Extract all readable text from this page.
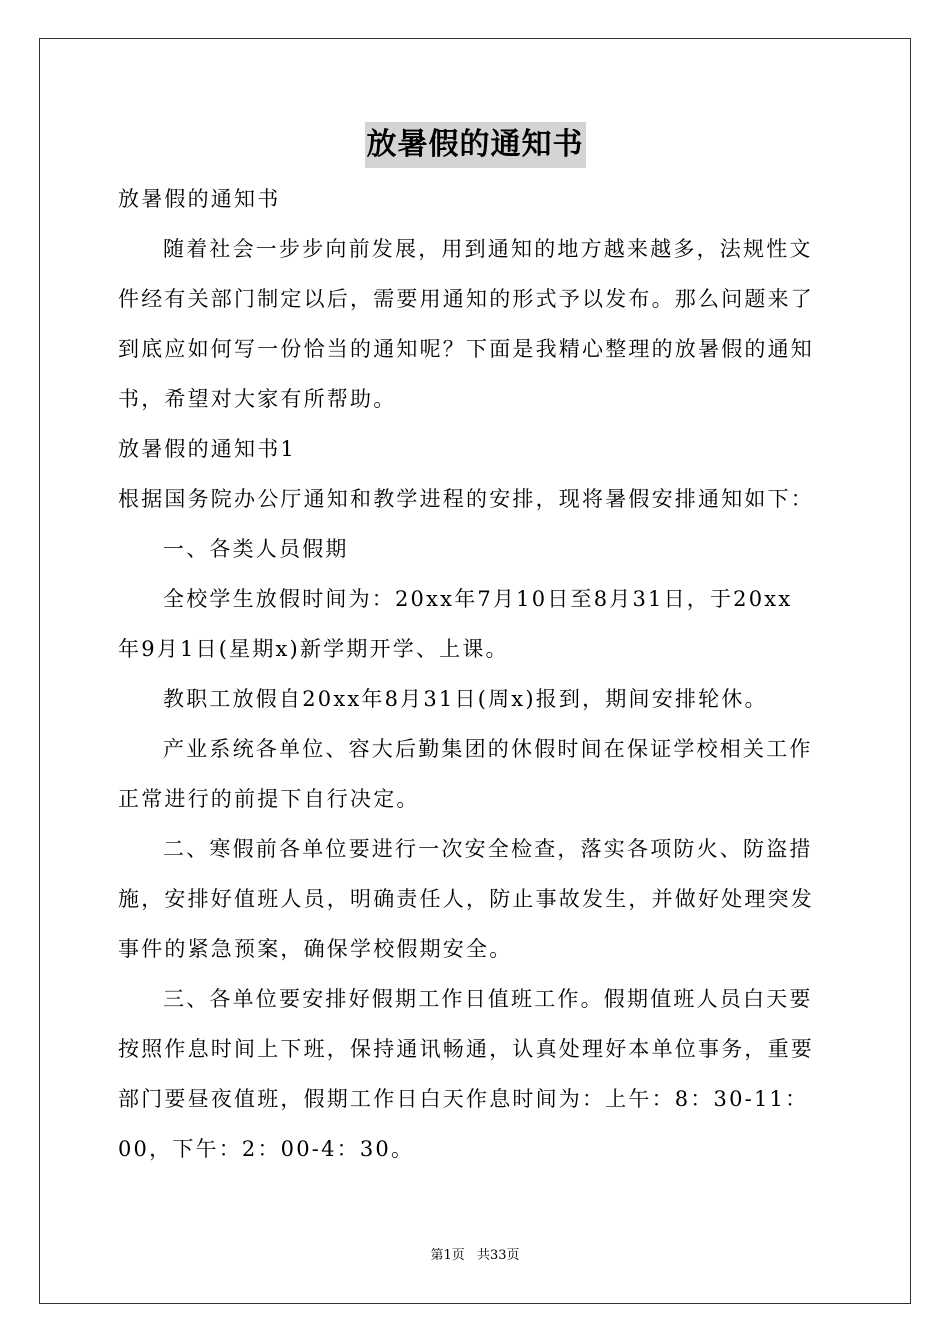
放暑假的通知书
放暑假的通知书
随着社会一步步向前发展，用到通知的地方越来越多，法规性文
件经有关部门制定以后，需要用通知的形式予以发布。那么问题来了
到底应如何写一份恰当的通知呢？下面是我精心整理的放暑假的通知
书，希望对大家有所帮助。
放暑假的通知书1
根据国务院办公厅通知和教学进程的安排，现将暑假安排通知如下：
一、各类人员假期
全校学生放假时间为：20xx年7月10日至8月31日，于20xx
年9月1日(星期x)新学期开学、上课。
教职工放假自20xx年8月31日(周x)报到，期间安排轮休。
产业系统各单位、容大后勤集团的休假时间在保证学校相关工作
正常进行的前提下自行决定。
二、寒假前各单位要进行一次安全检查，落实各项防火、防盗措
施，安排好值班人员，明确责任人，防止事故发生，并做好处理突发
事件的紧急预案，确保学校假期安全。
三、各单位要安排好假期工作日值班工作。假期值班人员白天要
按照作息时间上下班，保持通讯畅通，认真处理好本单位事务，重要
部门要昼夜值班，假期工作日白天作息时间为：上午：8：30-11：
00，下午：2：00-4：30。
第1页 共33页
